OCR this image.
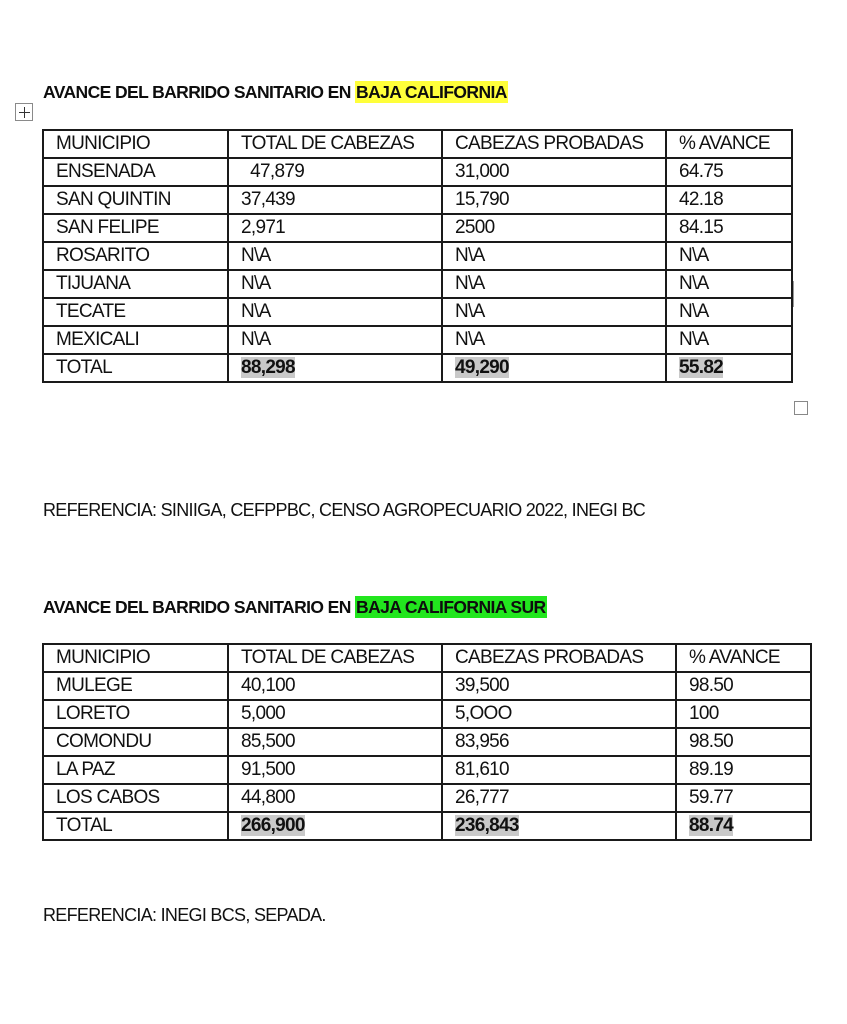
AVANCE DEL BARRIDO SANITARIO EN BAJA CALIFORNIA
MUNICIPIO	TOTAL DE CABEZAS	CABEZAS PROBADAS	% AVANCE
ENSENADA	47,879	31,000	64.75
SAN QUINTIN	37,439	15,790	42.18
SAN FELIPE	2,971	2500	84.15
ROSARITO	N\A	N\A	N\A
TIJUANA	N\A	N\A	N\A
TECATE	N\A	N\A	N\A
MEXICALI	N\A	N\A	N\A
TOTAL	88,298	49,290	55.82
REFERENCIA: SINIIGA, CEFPPBC, CENSO AGROPECUARIO 2022, INEGI BC
AVANCE DEL BARRIDO SANITARIO EN BAJA CALIFORNIA SUR
MUNICIPIO	TOTAL DE CABEZAS	CABEZAS PROBADAS	% AVANCE
MULEGE	40,100	39,500	98.50
LORETO	5,000	5,OOO	100
COMONDU	85,500	83,956	98.50
LA PAZ	91,500	81,610	89.19
LOS CABOS	44,800	26,777	59.77
TOTAL	266,900	236,843	88.74
REFERENCIA: INEGI BCS, SEPADA.
